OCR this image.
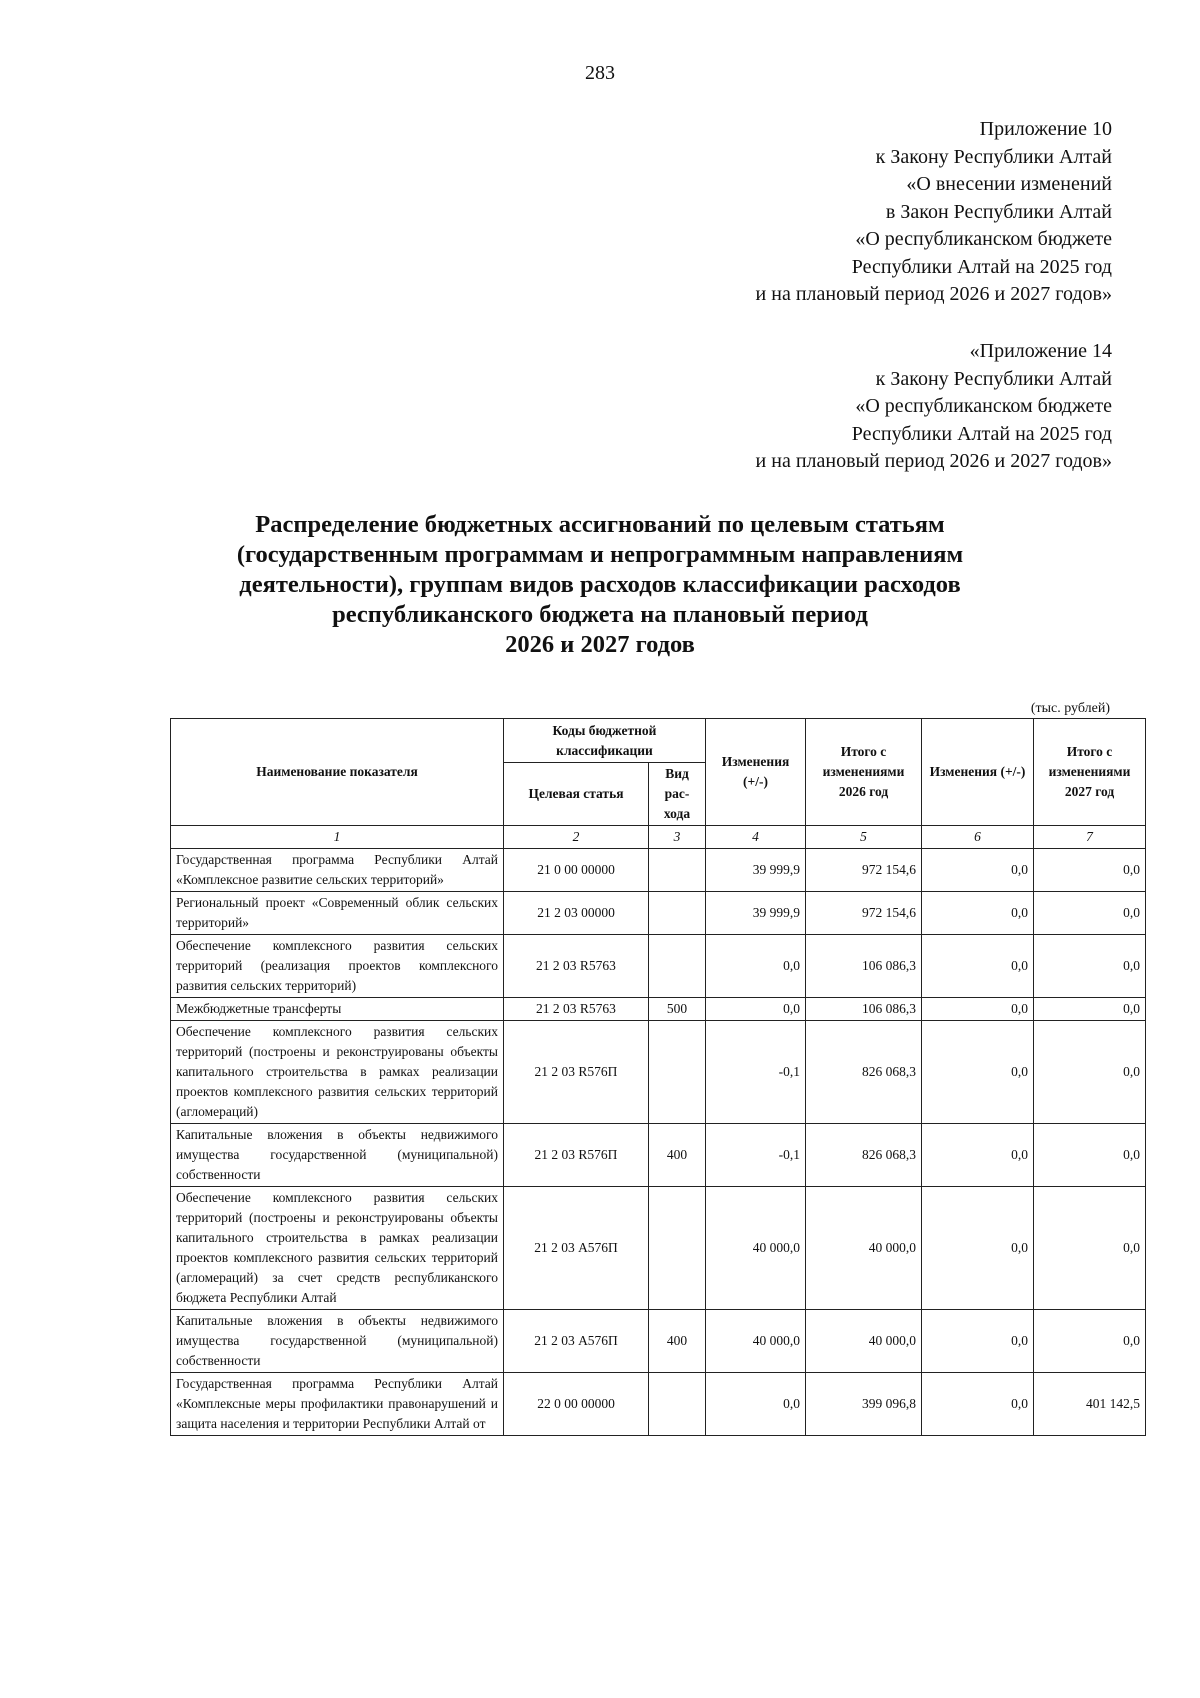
283
Приложение 10
к Закону Республики Алтай
«О внесении изменений
в Закон Республики Алтай
«О республиканском бюджете
Республики Алтай на 2025 год
и на плановый период 2026 и 2027 годов»
«Приложение 14
к Закону Республики Алтай
«О республиканском бюджете
Республики Алтай на 2025 год
и на плановый период 2026 и 2027 годов»
Распределение бюджетных ассигнований по целевым статьям
(государственным программам и непрограммным направлениям
деятельности), группам видов расходов классификации расходов
республиканского бюджета на плановый период
2026 и 2027 годов
(тыс. рублей)
Наименование показателя	Коды бюджетной классификации		Изменения (+/-)	Итого с изменениями 2026 год	Изменения (+/-)	Итого с изменениями 2027 год
	Целевая статья	Вид рас-хода				
1	2	3	4	5	6	7
Государственная программа Республики Алтай «Комплексное развитие сельских территорий»	21 0 00 00000		39 999,9	972 154,6	0,0	0,0
Региональный проект «Современный облик сельских территорий»	21 2 03 00000		39 999,9	972 154,6	0,0	0,0
Обеспечение комплексного развития сельских территорий (реализация проектов комплексного развития сельских территорий)	21 2 03 R5763		0,0	106 086,3	0,0	0,0
Межбюджетные трансферты	21 2 03 R5763	500	0,0	106 086,3	0,0	0,0
Обеспечение комплексного развития сельских территорий (построены и реконструированы объекты капитального строительства в рамках реализации проектов комплексного развития сельских территорий (агломераций)	21 2 03 R576П		-0,1	826 068,3	0,0	0,0
Капитальные вложения в объекты недвижимого имущества государственной (муниципальной) собственности	21 2 03 R576П	400	-0,1	826 068,3	0,0	0,0
Обеспечение комплексного развития сельских территорий (построены и реконструированы объекты капитального строительства в рамках реализации проектов комплексного развития сельских территорий (агломераций) за счет средств республиканского бюджета Республики Алтай	21 2 03 А576П		40 000,0	40 000,0	0,0	0,0
Капитальные вложения в объекты недвижимого имущества государственной (муниципальной) собственности	21 2 03 А576П	400	40 000,0	40 000,0	0,0	0,0
Государственная программа Республики Алтай «Комплексные меры профилактики правонарушений и защита населения и территории Республики Алтай от	22 0 00 00000		0,0	399 096,8	0,0	401 142,5
